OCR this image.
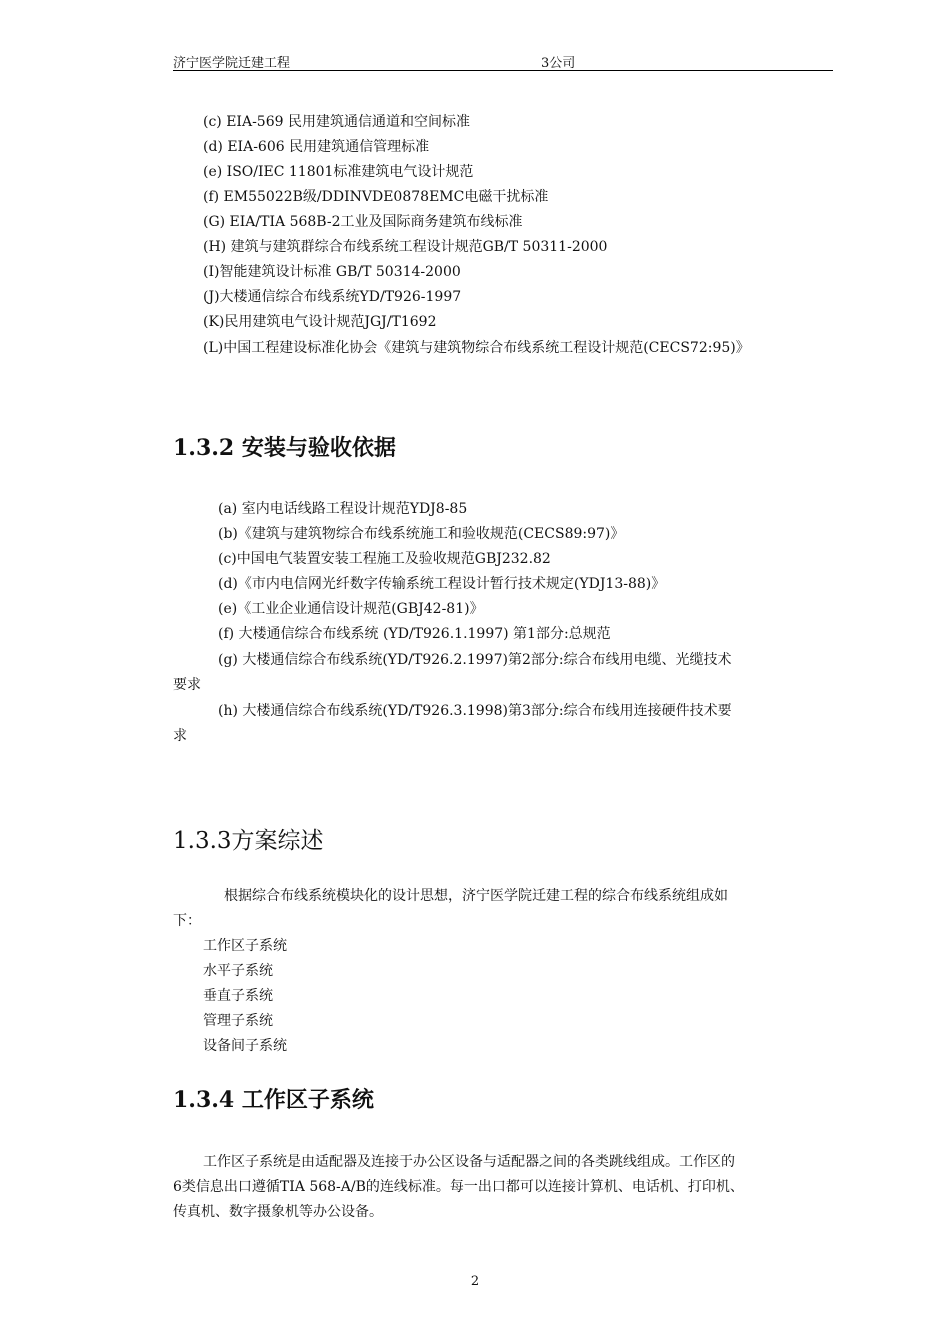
济宁医学院迁建工程	3公司
(c) EIA-569 民用建筑通信通道和空间标准
(d) EIA-606 民用建筑通信管理标准
(e) ISO/IEC 11801标准建筑电气设计规范
(f) EM55022B级/DDINVDE0878EMC电磁干扰标准
(G) EIA/TIA 568B-2工业及国际商务建筑布线标准
(H) 建筑与建筑群综合布线系统工程设计规范GB/T 50311-2000
(I)智能建筑设计标准 GB/T 50314-2000
(J)大楼通信综合布线系统YD/T926-1997
(K)民用建筑电气设计规范JGJ/T1692
(L)中国工程建设标准化协会《建筑与建筑物综合布线系统工程设计规范(CECS72:95)》
1.3.2 安装与验收依据
(a) 室内电话线路工程设计规范YDJ8-85
(b)《建筑与建筑物综合布线系统施工和验收规范(CECS89:97)》
(c)中国电气装置安装工程施工及验收规范GBJ232.82
(d)《市内电信网光纤数字传输系统工程设计暂行技术规定(YDJ13-88)》
(e)《工业企业通信设计规范(GBJ42-81)》
(f) 大楼通信综合布线系统 (YD/T926.1.1997) 第1部分:总规范
(g) 大楼通信综合布线系统(YD/T926.2.1997)第2部分:综合布线用电缆、光缆技术
要求
(h) 大楼通信综合布线系统(YD/T926.3.1998)第3部分:综合布线用连接硬件技术要
求
1.3.3方案综述
根据综合布线系统模块化的设计思想，济宁医学院迁建工程的综合布线系统组成如
下：
工作区子系统
水平子系统
垂直子系统
管理子系统
设备间子系统
1.3.4 工作区子系统
工作区子系统是由适配器及连接于办公区设备与适配器之间的各类跳线组成。工作区的
6类信息出口遵循TIA 568-A/B的连线标准。每一出口都可以连接计算机、电话机、打印机、
传真机、数字摄象机等办公设备。
2
